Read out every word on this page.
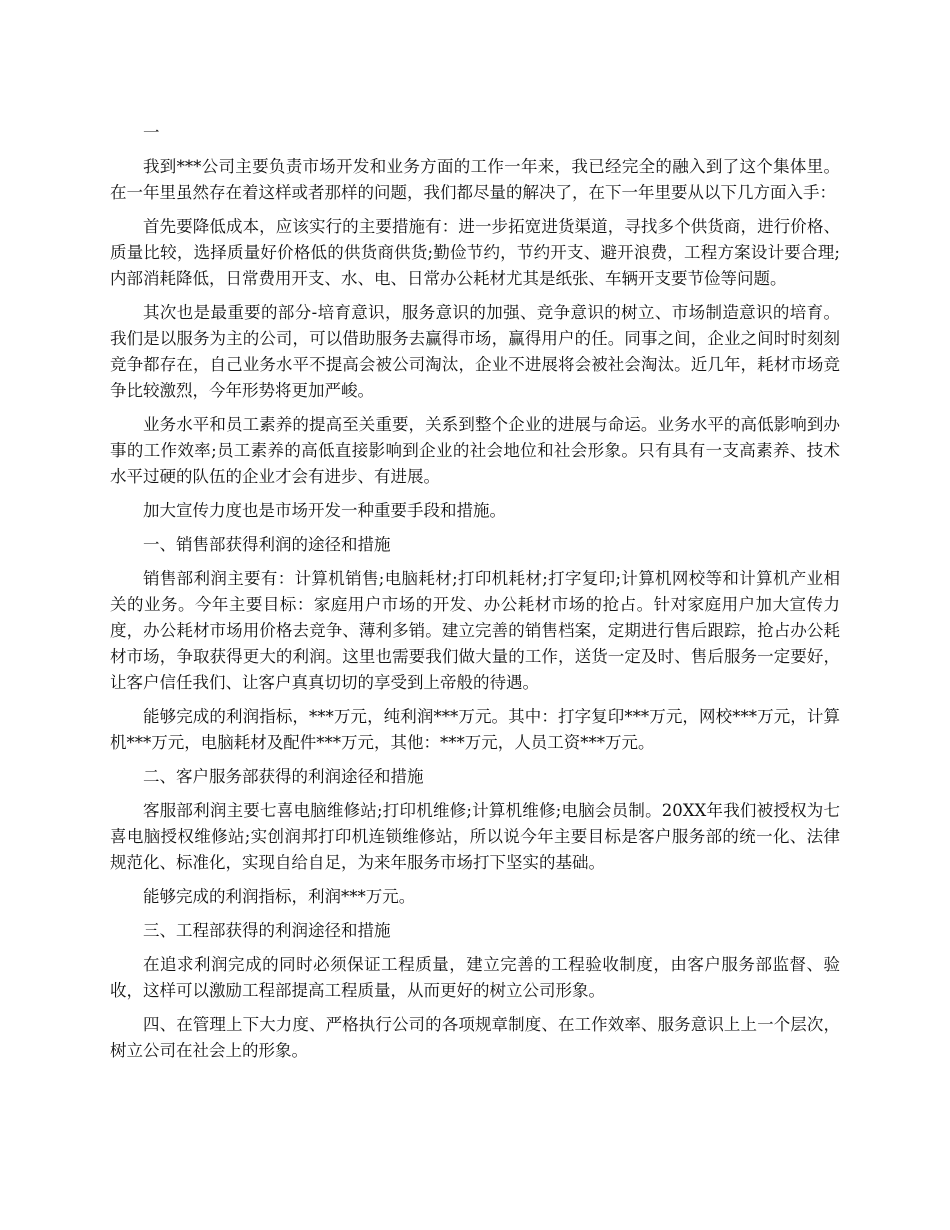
一

我到***公司主要负责市场开发和业务方面的工作一年来，我已经完全的融入到了这个集体里。在一年里虽然存在着这样或者那样的问题，我们都尽量的解决了，在下一年里要从以下几方面入手：

首先要降低成本，应该实行的主要措施有：进一步拓宽进货渠道，寻找多个供货商，进行价格、质量比较，选择质量好价格低的供货商供货;勤俭节约，节约开支、避开浪费，工程方案设计要合理;内部消耗降低，日常费用开支、水、电、日常办公耗材尤其是纸张、车辆开支要节俭等问题。

其次也是最重要的部分-培育意识，服务意识的加强、竞争意识的树立、市场制造意识的培育。我们是以服务为主的公司，可以借助服务去赢得市场，赢得用户的任。同事之间，企业之间时时刻刻竞争都存在，自己业务水平不提高会被公司淘汰，企业不进展将会被社会淘汰。近几年，耗材市场竞争比较激烈，今年形势将更加严峻。

业务水平和员工素养的提高至关重要，关系到整个企业的进展与命运。业务水平的高低影响到办事的工作效率;员工素养的高低直接影响到企业的社会地位和社会形象。只有具有一支高素养、技术水平过硬的队伍的企业才会有进步、有进展。

加大宣传力度也是市场开发一种重要手段和措施。

一、销售部获得利润的途径和措施

销售部利润主要有：计算机销售;电脑耗材;打印机耗材;打字复印;计算机网校等和计算机产业相关的业务。今年主要目标：家庭用户市场的开发、办公耗材市场的抢占。针对家庭用户加大宣传力度，办公耗材市场用价格去竞争、薄利多销。建立完善的销售档案，定期进行售后跟踪，抢占办公耗材市场，争取获得更大的利润。这里也需要我们做大量的工作，送货一定及时、售后服务一定要好，让客户信任我们、让客户真真切切的享受到上帝般的待遇。

能够完成的利润指标，***万元，纯利润***万元。其中：打字复印***万元，网校***万元，计算机***万元，电脑耗材及配件***万元，其他：***万元，人员工资***万元。

二、客户服务部获得的利润途径和措施

客服部利润主要七喜电脑维修站;打印机维修;计算机维修;电脑会员制。20XX年我们被授权为七喜电脑授权维修站;实创润邦打印机连锁维修站，所以说今年主要目标是客户服务部的统一化、法律规范化、标准化，实现自给自足，为来年服务市场打下坚实的基础。

能够完成的利润指标，利润***万元。

三、工程部获得的利润途径和措施

在追求利润完成的同时必须保证工程质量，建立完善的工程验收制度，由客户服务部监督、验收，这样可以激励工程部提高工程质量，从而更好的树立公司形象。

四、在管理上下大力度、严格执行公司的各项规章制度、在工作效率、服务意识上上一个层次，树立公司在社会上的形象。
